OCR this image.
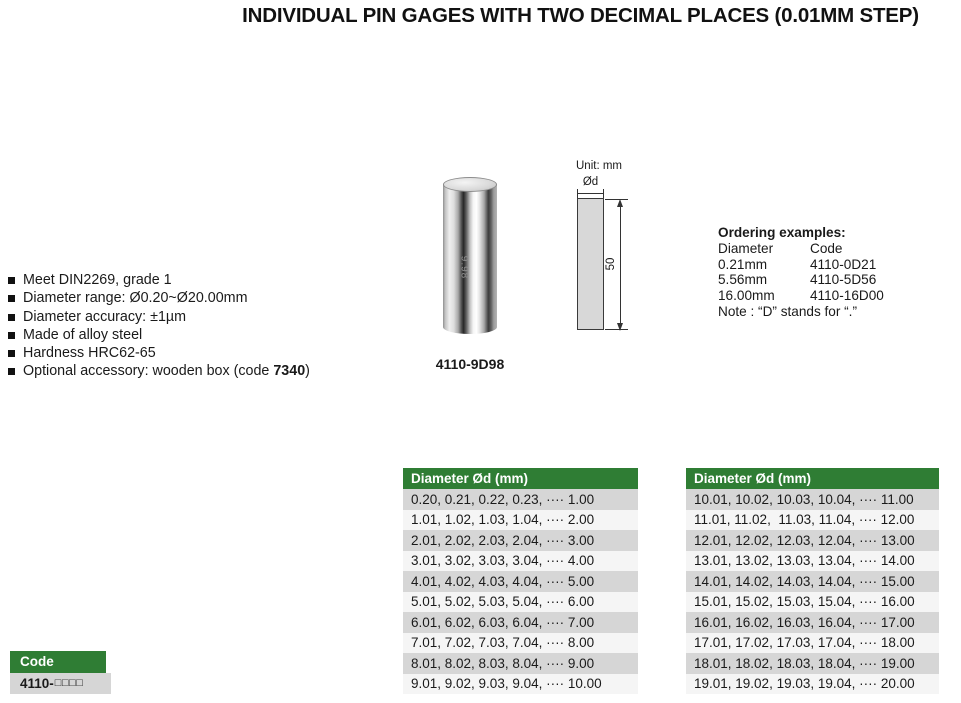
INDIVIDUAL PIN GAGES WITH TWO DECIMAL PLACES (0.01MM STEP)
Meet DIN2269, grade 1
Diameter range: Ø0.20~Ø20.00mm
Diameter accuracy: ±1µm
Made of alloy steel
Hardness HRC62-65
Optional accessory: wooden box (code 7340)
9.98
4110-9D98
Unit: mm
Ød
50
Ordering examples:
Diameter	Code
0.21mm	4110-0D21
5.56mm	4110-5D56
16.00mm	4110-16D00
Note : “D” stands for “.”
Diameter Ød (mm)
0.20, 0.21, 0.22, 0.23, ···· 1.00
1.01, 1.02, 1.03, 1.04, ···· 2.00
2.01, 2.02, 2.03, 2.04, ···· 3.00
3.01, 3.02, 3.03, 3.04, ···· 4.00
4.01, 4.02, 4.03, 4.04, ···· 5.00
5.01, 5.02, 5.03, 5.04, ···· 6.00
6.01, 6.02, 6.03, 6.04, ···· 7.00
7.01, 7.02, 7.03, 7.04, ···· 8.00
8.01, 8.02, 8.03, 8.04, ···· 9.00
9.01, 9.02, 9.03, 9.04, ···· 10.00
Diameter Ød (mm)
10.01, 10.02, 10.03, 10.04, ···· 11.00
11.01, 11.02,  11.03, 11.04, ···· 12.00
12.01, 12.02, 12.03, 12.04, ···· 13.00
13.01, 13.02, 13.03, 13.04, ···· 14.00
14.01, 14.02, 14.03, 14.04, ···· 15.00
15.01, 15.02, 15.03, 15.04, ···· 16.00
16.01, 16.02, 16.03, 16.04, ···· 17.00
17.01, 17.02, 17.03, 17.04, ···· 18.00
18.01, 18.02, 18.03, 18.04, ···· 19.00
19.01, 19.02, 19.03, 19.04, ···· 20.00
Code
4110- □□□□
